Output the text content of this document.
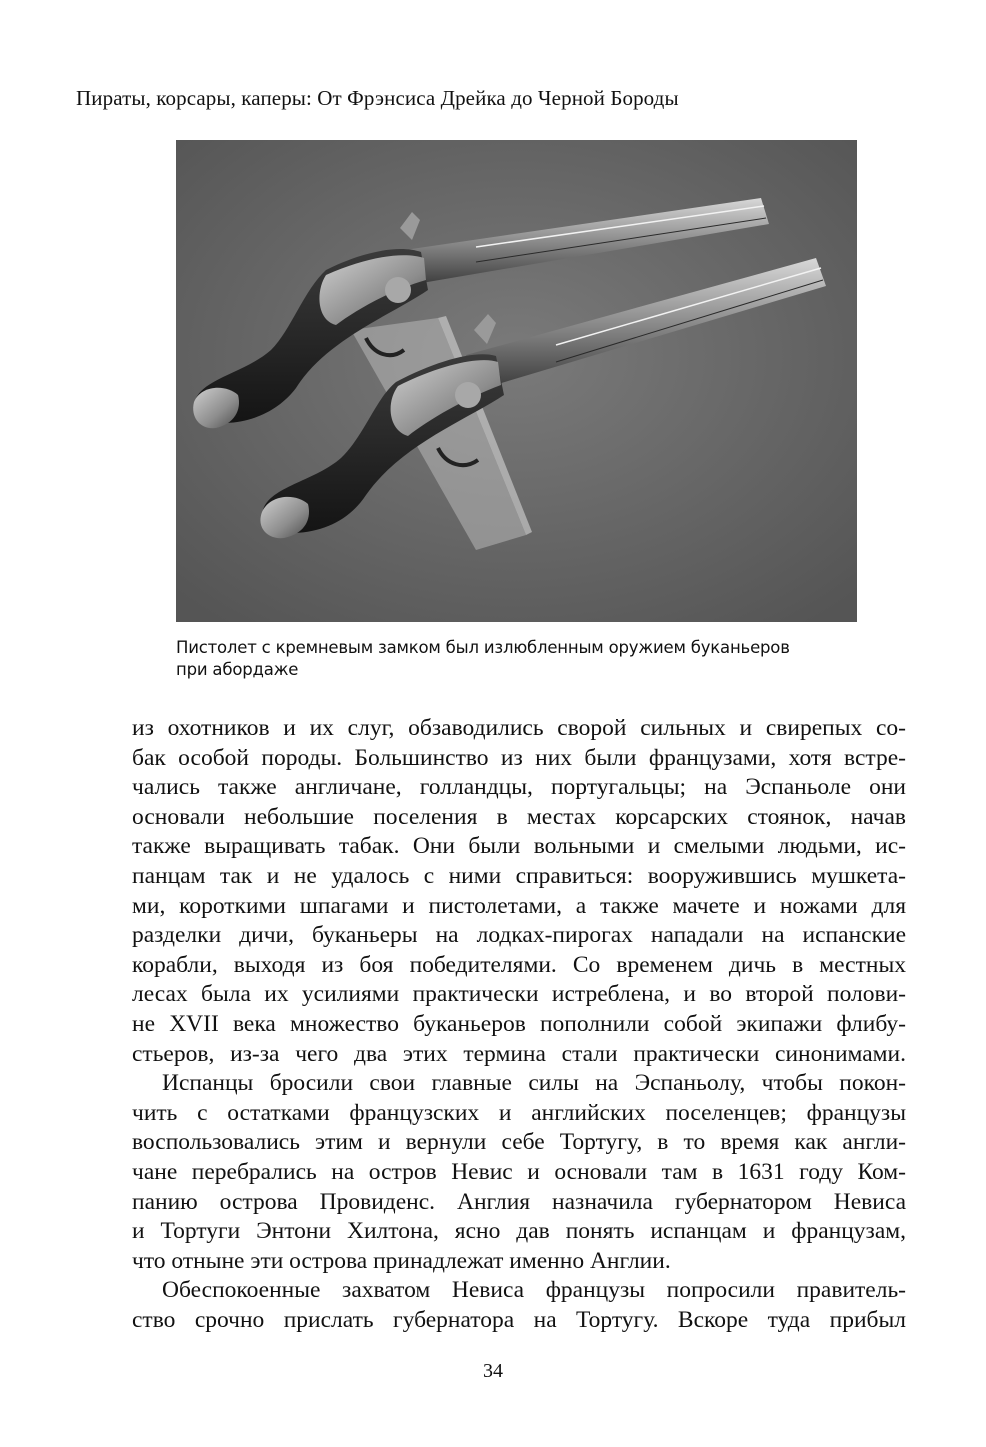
Пираты, корсары, каперы: От Фрэнсиса Дрейка до Черной Бороды
Пистолет с кремневым замком был излюбленным оружием буканьеров
при абордаже
из охотников и их слуг, обзаводились сворой сильных и свирепых со-
бак особой породы. Большинство из них были французами, хотя встре-
чались также англичане, голландцы, португальцы; на Эспаньоле они
основали небольшие поселения в местах корсарских стоянок, начав
также выращивать табак. Они были вольными и смелыми людьми, ис-
панцам так и не удалось с ними справиться: вооружившись мушкета-
ми, короткими шпагами и пистолетами, а также мачете и ножами для
разделки дичи, буканьеры на лодках-пирогах нападали на испанские
корабли, выходя из боя победителями. Со временем дичь в местных
лесах была их усилиями практически истреблена, и во второй полови-
не XVII века множество буканьеров пополнили собой экипажи флибу-
стьеров, из-за чего два этих термина стали практически синонимами.
Испанцы бросили свои главные силы на Эспаньолу, чтобы покон-
чить с остатками французских и английских поселенцев; французы
воспользовались этим и вернули себе Тортугу, в то время как англи-
чане перебрались на остров Невис и основали там в 1631 году Ком-
панию острова Провиденс. Англия назначила губернатором Невиса
и Тортуги Энтони Хилтона, ясно дав понять испанцам и французам,
что отныне эти острова принадлежат именно Англии.
Обеспокоенные захватом Невиса французы попросили правитель-
ство срочно прислать губернатора на Тортугу. Вскоре туда прибыл
34
